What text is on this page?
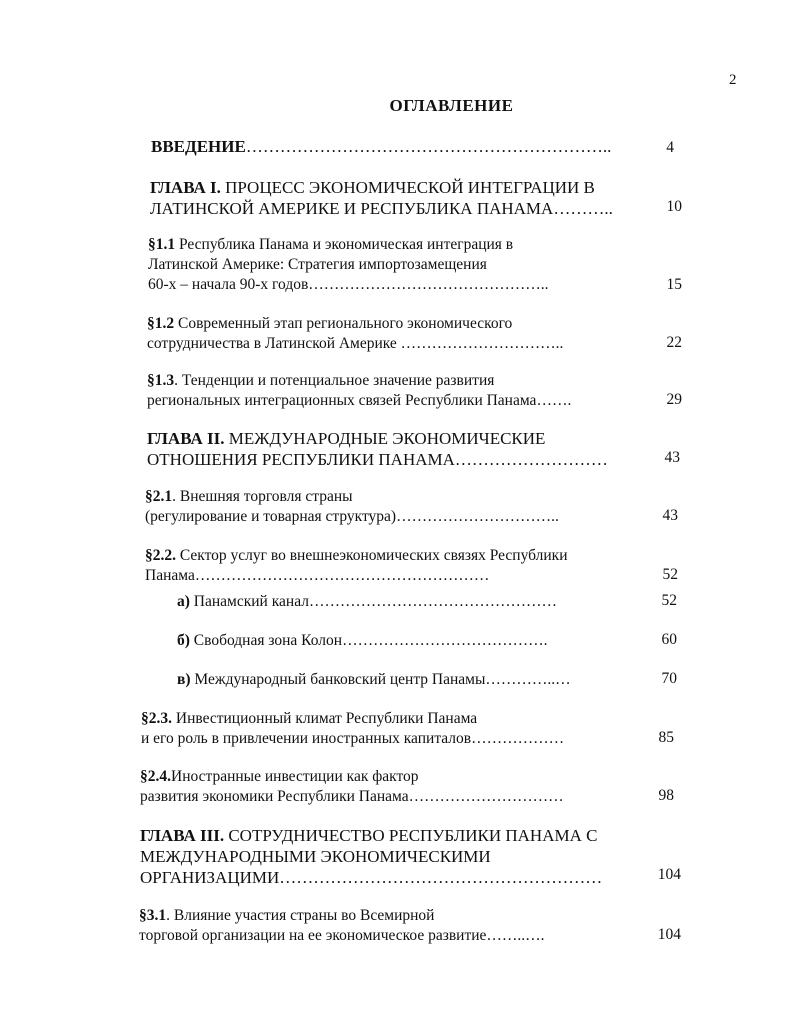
2
ОГЛАВЛЕНИЕ
ВВЕДЕНИЕ………………………………………………………..	4
ГЛАВА I. ПРОЦЕСС ЭКОНОМИЧЕСКОЙ ИНТЕГРАЦИИ В
ЛАТИНСКОЙ АМЕРИКЕ И РЕСПУБЛИКА ПАНАМА………..	10
§1.1 Республика Панама и экономическая интеграция в
Латинской Америке: Стратегия импортозамещения
60-х – начала 90-х годов………………………………………..	15
§1.2 Современный этап регионального экономического
сотрудничества в Латинской Америке …………………………..	22
§1.3. Тенденции и потенциальное значение развития
региональных интеграционных связей Республики Панама…….	29
ГЛАВА II. МЕЖДУНАРОДНЫЕ ЭКОНОМИЧЕСКИЕ
ОТНОШЕНИЯ РЕСПУБЛИКИ ПАНАМА………………………	43
§2.1. Внешняя торговля страны
(регулирование и товарная структура)…………………………..	43
§2.2. Сектор услуг во внешнеэкономических связях Республики
Панама…………………………………………………	52
а) Панамский канал…………………………………………	52
б) Свободная зона Колон………………………………….	60
в) Международный банковский центр Панамы…………..…	70
§2.3. Инвестиционный климат Республики Панама
и его роль в привлечении иностранных капиталов………………	85
§2.4.Иностранные инвестиции как фактор
развития экономики Республики Панама…………………………	98
ГЛАВА III. СОТРУДНИЧЕСТВО РЕСПУБЛИКИ ПАНАМА С
МЕЖДУНАРОДНЫМИ ЭКОНОМИЧЕСКИМИ
ОРГАНИЗАЦИМИ…………………………………………………	104
§3.1. Влияние участия страны во Всемирной
торговой организации на ее экономическое развитие……..….	104
